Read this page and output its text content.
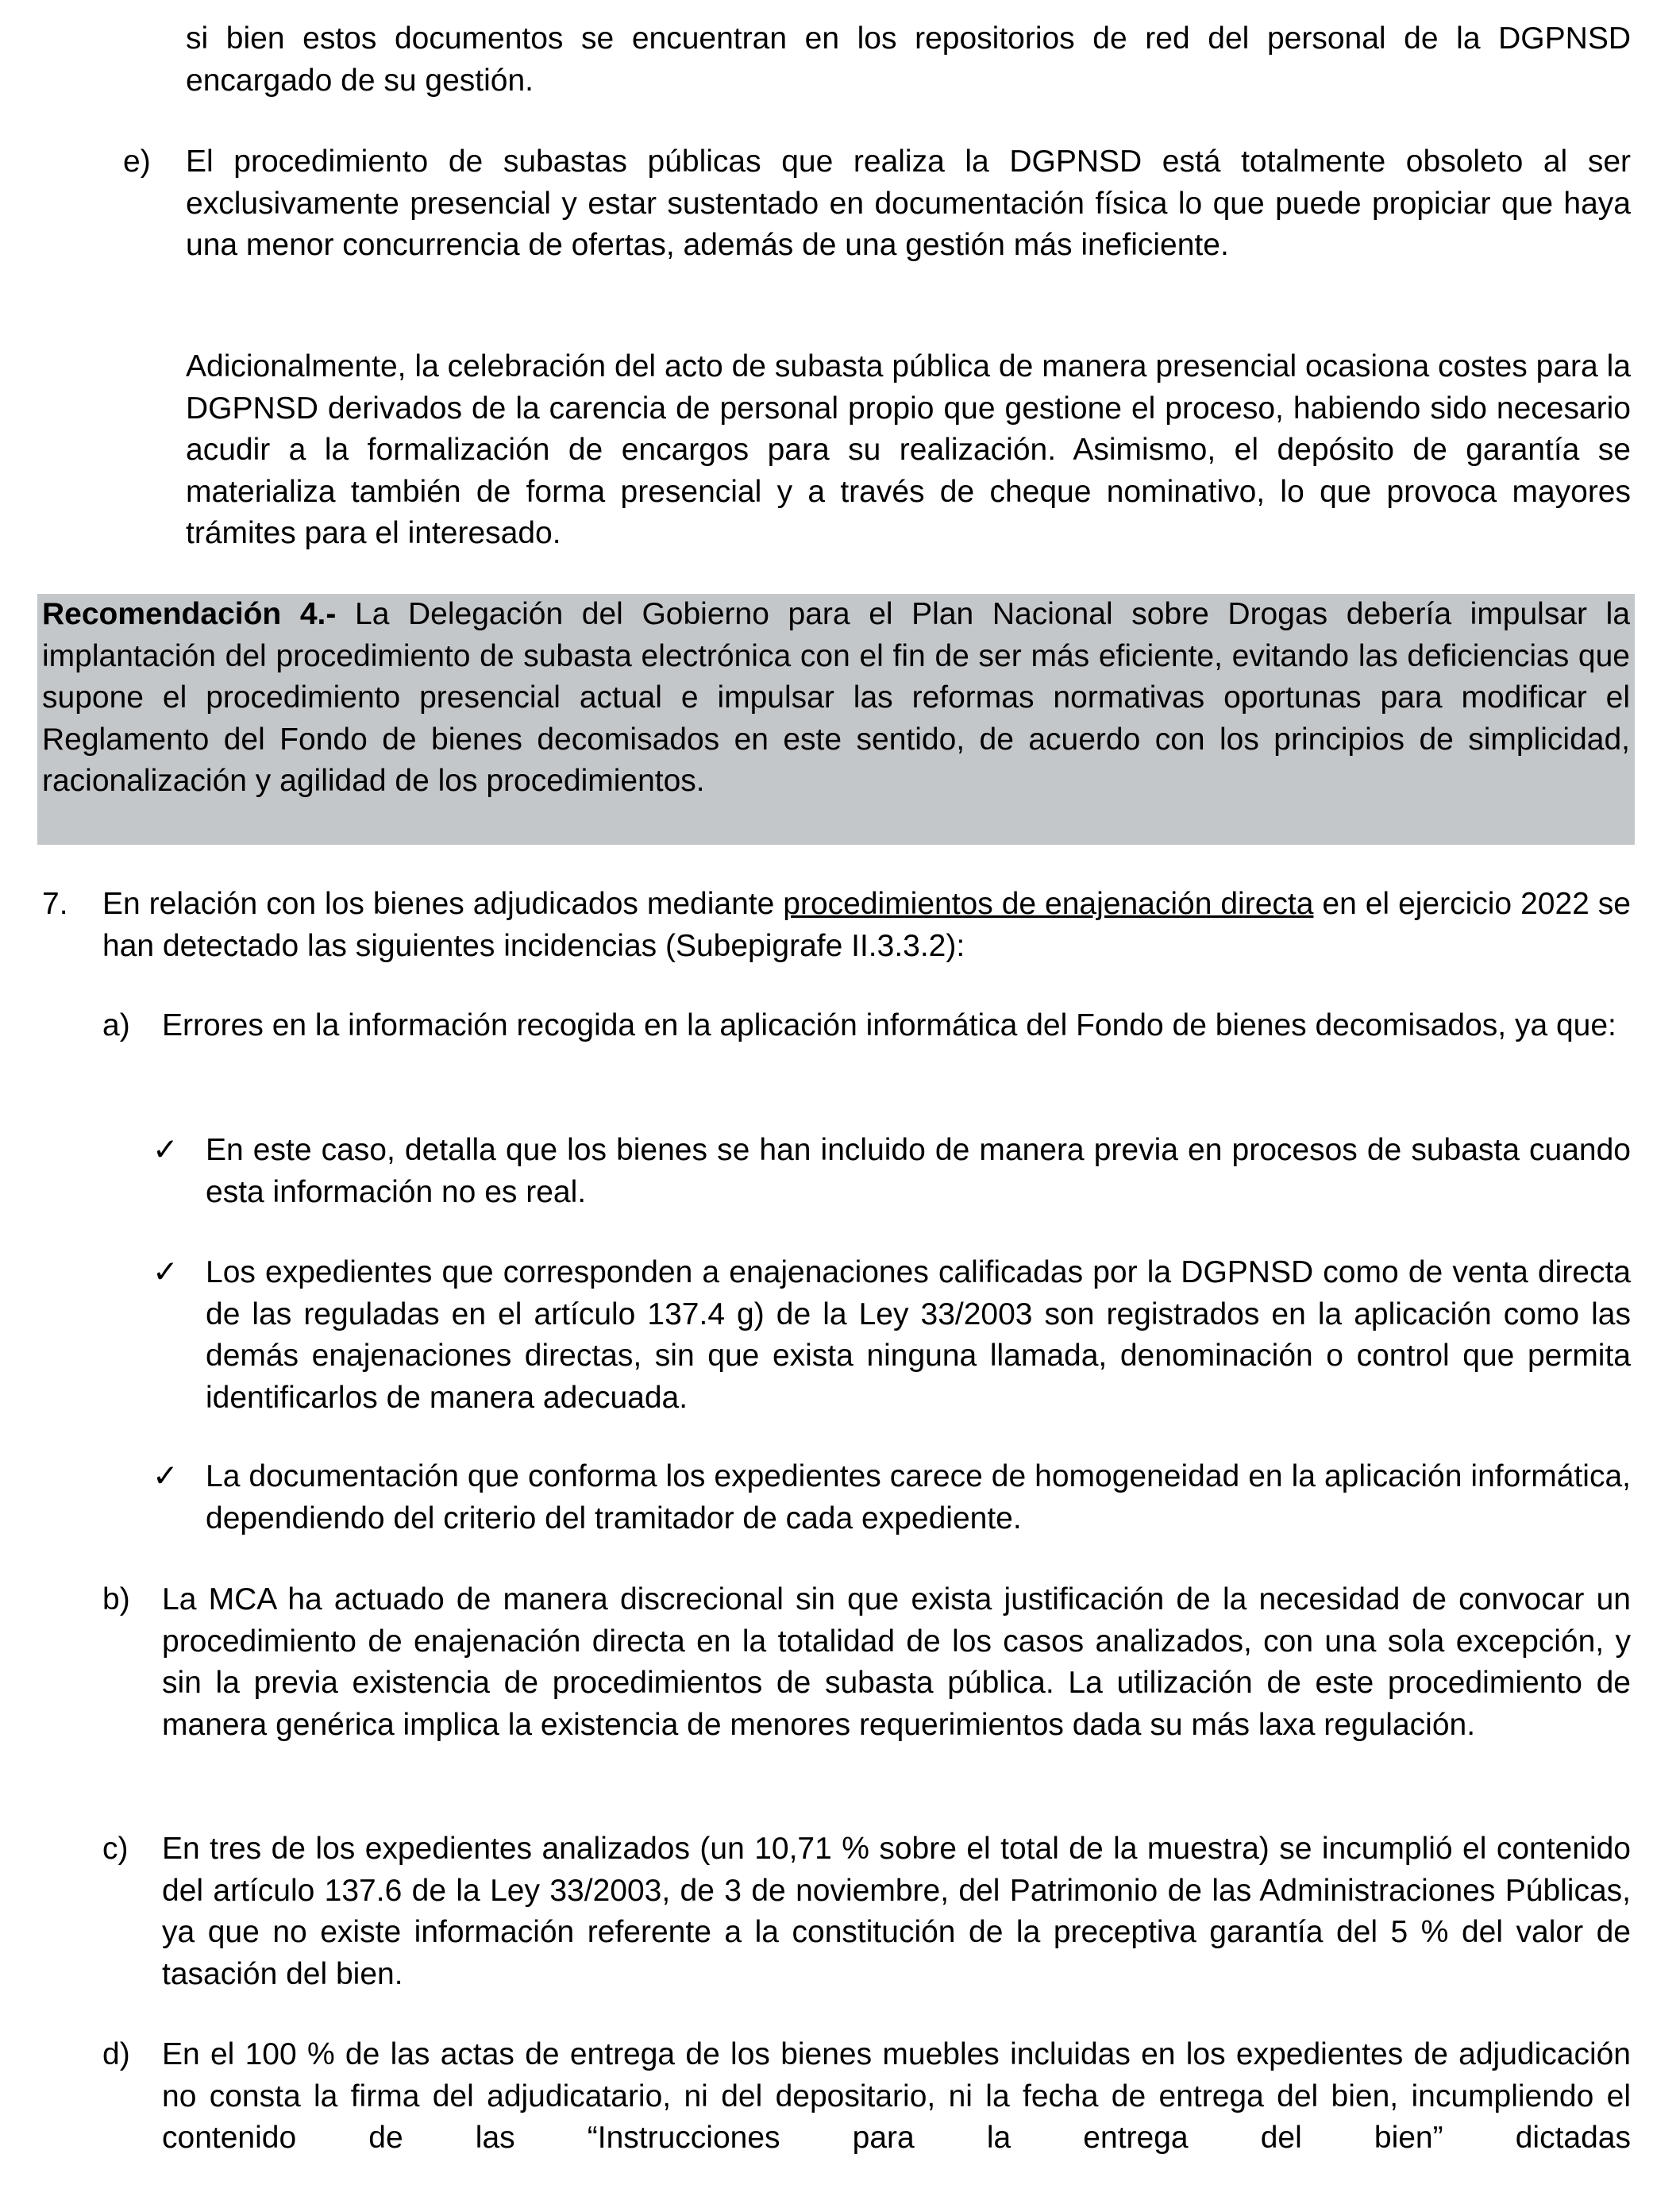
si bien estos documentos se encuentran en los repositorios de red del personal de la DGPNSD encargado de su gestión.

e) El procedimiento de subastas públicas que realiza la DGPNSD está totalmente obsoleto al ser exclusivamente presencial y estar sustentado en documentación física lo que puede propiciar que haya una menor concurrencia de ofertas, además de una gestión más ineficiente.

Adicionalmente, la celebración del acto de subasta pública de manera presencial ocasiona costes para la DGPNSD derivados de la carencia de personal propio que gestione el proceso, habiendo sido necesario acudir a la formalización de encargos para su realización. Asimismo, el depósito de garantía se materializa también de forma presencial y a través de cheque nominativo, lo que provoca mayores trámites para el interesado.

Recomendación 4.- La Delegación del Gobierno para el Plan Nacional sobre Drogas debería impulsar la implantación del procedimiento de subasta electrónica con el fin de ser más eficiente, evitando las deficiencias que supone el procedimiento presencial actual e impulsar las reformas normativas oportunas para modificar el Reglamento del Fondo de bienes decomisados en este sentido, de acuerdo con los principios de simplicidad, racionalización y agilidad de los procedimientos.

7. En relación con los bienes adjudicados mediante procedimientos de enajenación directa en el ejercicio 2022 se han detectado las siguientes incidencias (Subepigrafe II.3.3.2):

a) Errores en la información recogida en la aplicación informática del Fondo de bienes decomisados, ya que:

✓ En este caso, detalla que los bienes se han incluido de manera previa en procesos de subasta cuando esta información no es real.

✓ Los expedientes que corresponden a enajenaciones calificadas por la DGPNSD como de venta directa de las reguladas en el artículo 137.4 g) de la Ley 33/2003 son registrados en la aplicación como las demás enajenaciones directas, sin que exista ninguna llamada, denominación o control que permita identificarlos de manera adecuada.

✓ La documentación que conforma los expedientes carece de homogeneidad en la aplicación informática, dependiendo del criterio del tramitador de cada expediente.

b) La MCA ha actuado de manera discrecional sin que exista justificación de la necesidad de convocar un procedimiento de enajenación directa en la totalidad de los casos analizados, con una sola excepción, y sin la previa existencia de procedimientos de subasta pública. La utilización de este procedimiento de manera genérica implica la existencia de menores requerimientos dada su más laxa regulación.

c) En tres de los expedientes analizados (un 10,71 % sobre el total de la muestra) se incumplió el contenido del artículo 137.6 de la Ley 33/2003, de 3 de noviembre, del Patrimonio de las Administraciones Públicas, ya que no existe información referente a la constitución de la preceptiva garantía del 5 % del valor de tasación del bien.

d) En el 100 % de las actas de entrega de los bienes muebles incluidas en los expedientes de adjudicación no consta la firma del adjudicatario, ni del depositario, ni la fecha de entrega del bien, incumpliendo el contenido de las “Instrucciones para la entrega del bien” dictadas
